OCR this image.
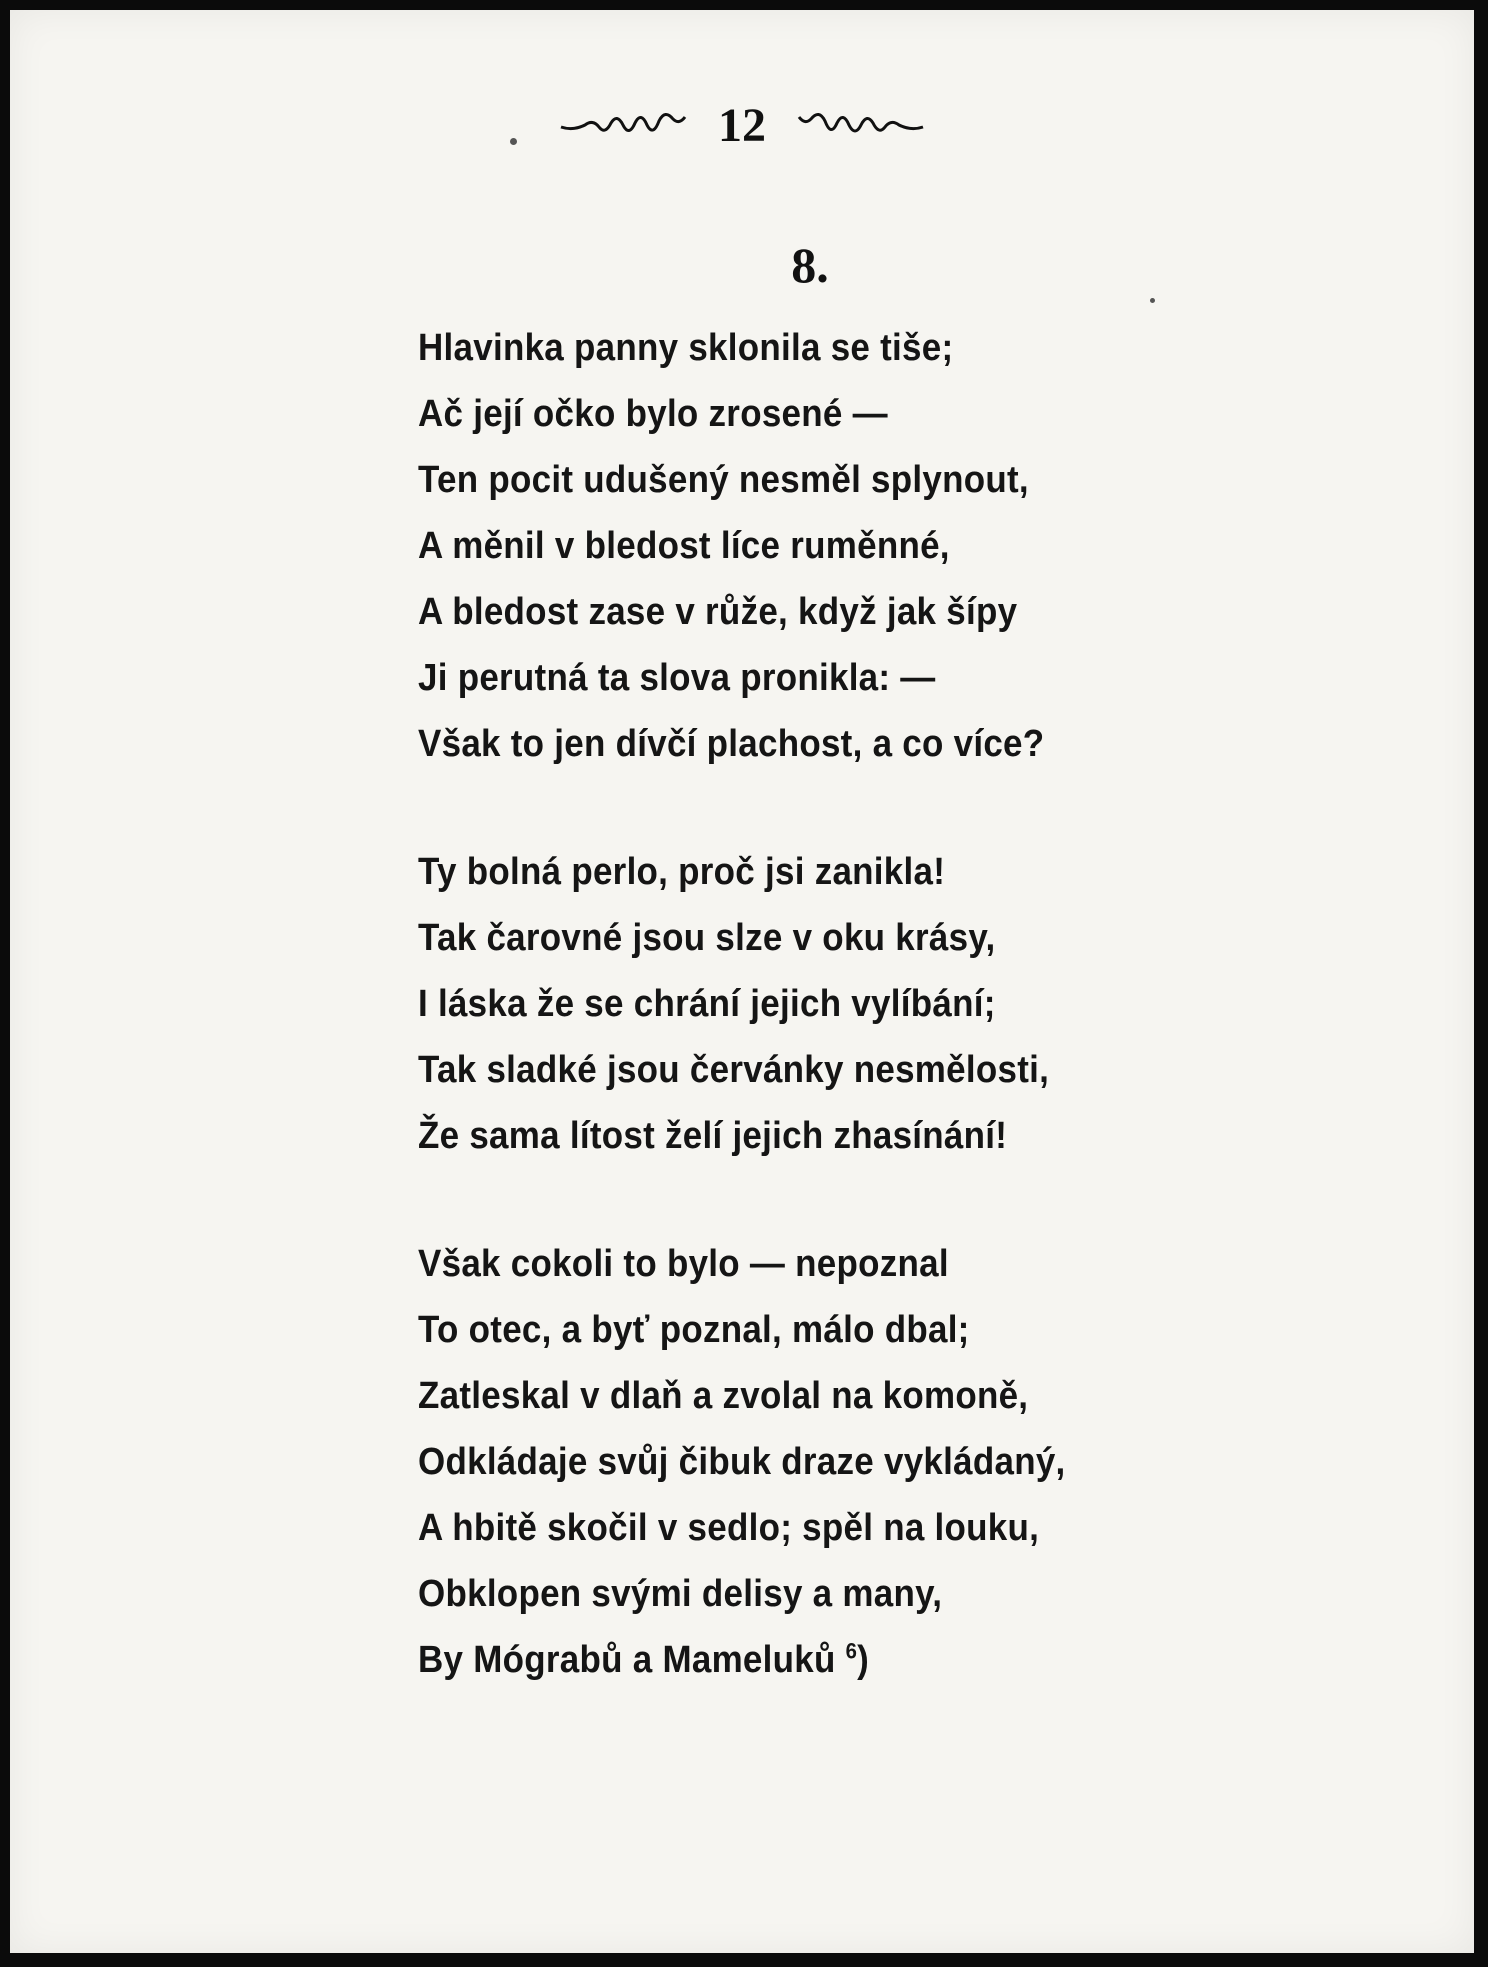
12
8.
Hlavinka panny sklonila se tiše;
Ač její očko bylo zrosené —
Ten pocit udušený nesměl splynout,
A měnil v bledost líce ruměnné,
A bledost zase v růže, když jak šípy
Ji perutná ta slova pronikla: —
Však to jen dívčí plachost, a co více?
Ty bolná perlo, proč jsi zanikla!
Tak čarovné jsou slze v oku krásy,
I láska že se chrání jejich vylíbání;
Tak sladké jsou červánky nesmělosti,
Že sama lítost želí jejich zhasínání!
Však cokoli to bylo — nepoznal
To otec, a byť poznal, málo dbal;
Zatleskal v dlaň a zvolal na komoně,
Odkládaje svůj čibuk draze vykládaný,
A hbitě skočil v sedlo; spěl na louku,
Obklopen svými delisy a many,
By Mógrabů a Mameluků $^6$)
